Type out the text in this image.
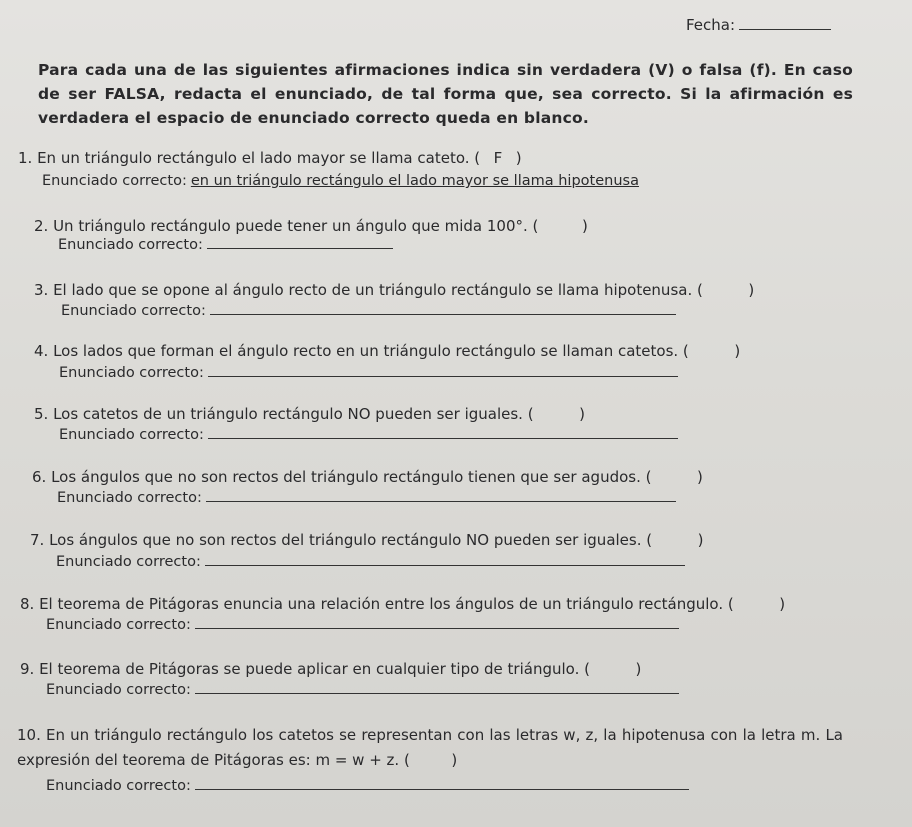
Fecha:
Para cada una de las siguientes afirmaciones indica sin verdadera (V) o falsa (f). En caso de ser FALSA, redacta el enunciado, de tal forma que, sea correcto. Si la afirmación es verdadera el espacio de enunciado correcto queda en blanco.
1. En un triángulo rectángulo el lado mayor se llama cateto. ( F )
Enunciado correcto: en un triángulo rectángulo el lado mayor se llama hipotenusa
2. Un triángulo rectángulo puede tener un ángulo que mida 100°. (	)
Enunciado correcto:
3. El lado que se opone al ángulo recto de un triángulo rectángulo se llama hipotenusa. (	)
Enunciado correcto:
4. Los lados que forman el ángulo recto en un triángulo rectángulo se llaman catetos. (	)
Enunciado correcto:
5. Los catetos de un triángulo rectángulo NO pueden ser iguales. (	)
Enunciado correcto:
6. Los ángulos que no son rectos del triángulo rectángulo tienen que ser agudos. (	)
Enunciado correcto:
7. Los ángulos que no son rectos del triángulo rectángulo NO pueden ser iguales. (	)
Enunciado correcto:
8. El teorema de Pitágoras enuncia una relación entre los ángulos de un triángulo rectángulo. (	)
Enunciado correcto:
9. El teorema de Pitágoras se puede aplicar en cualquier tipo de triángulo. (	)
Enunciado correcto:
10. En un triángulo rectángulo los catetos se representan con las letras w, z, la hipotenusa con la letra m. La expresión del teorema de Pitágoras es: m = w + z. (	)
Enunciado correcto:
